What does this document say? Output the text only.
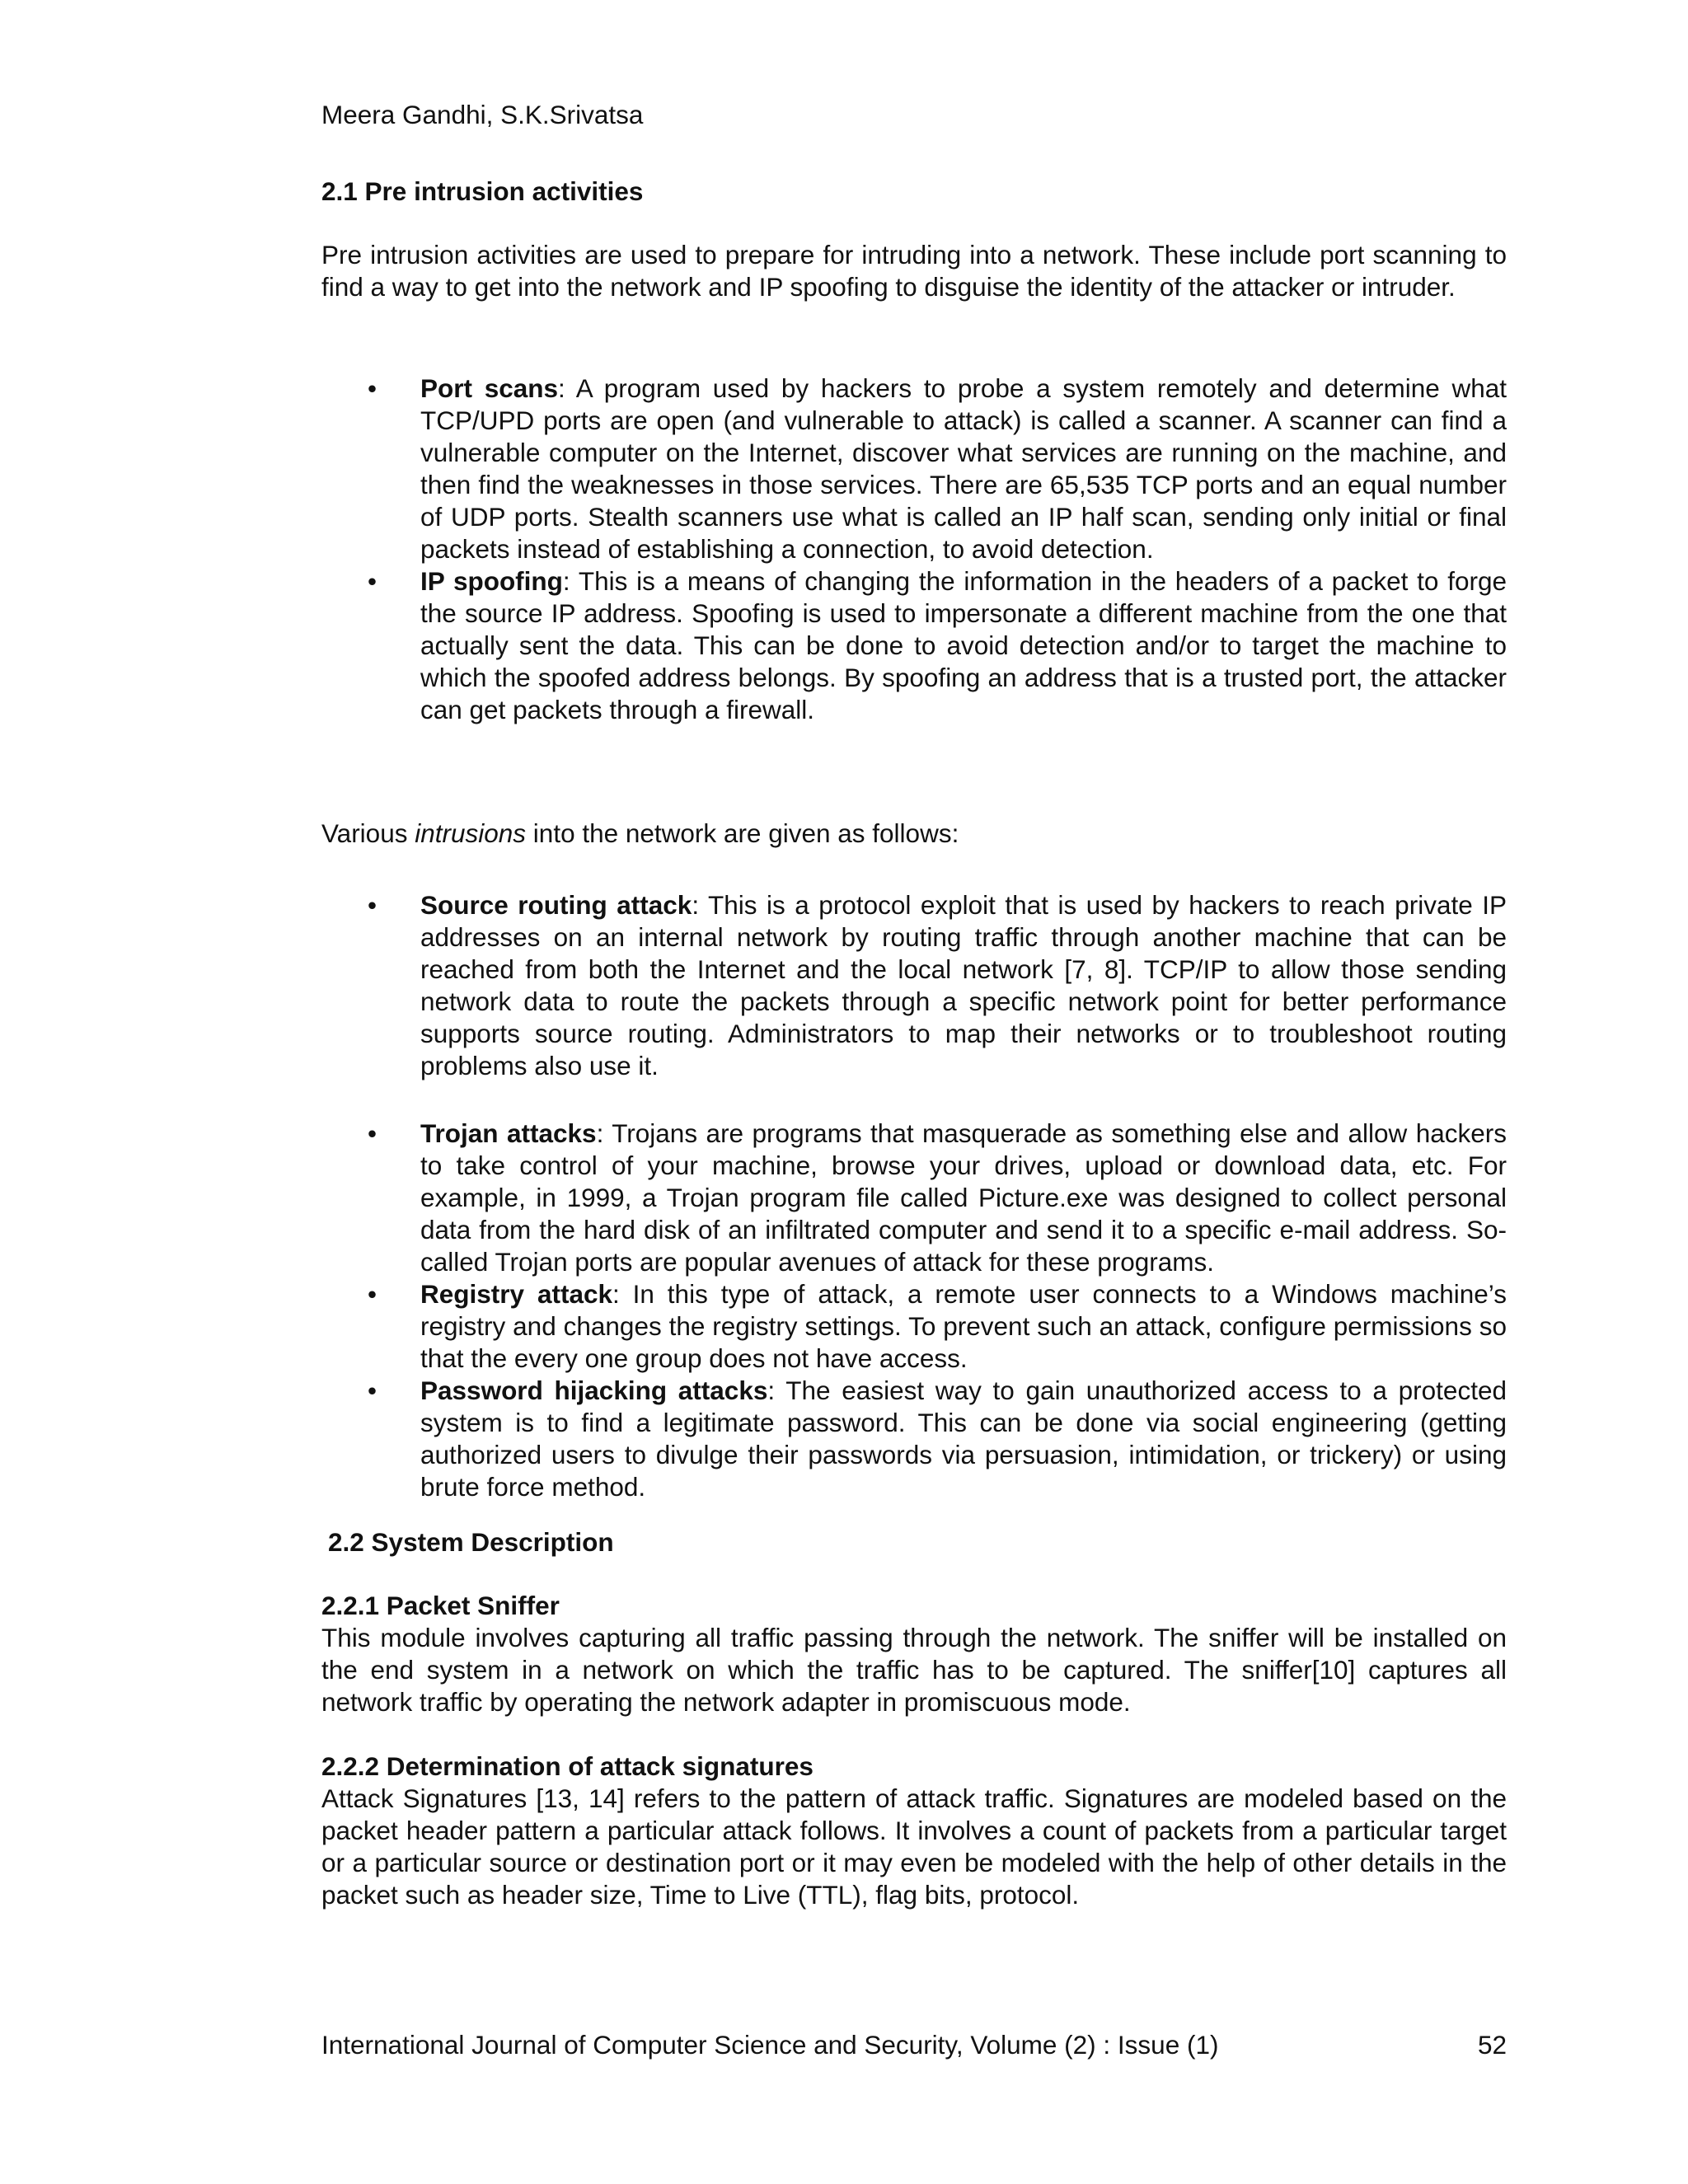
Meera Gandhi, S.K.Srivatsa

2.1 Pre intrusion activities

Pre intrusion activities are used to prepare for intruding into a network. These include port scanning to find a way to get into the network and IP spoofing to disguise the identity of the attacker or intruder.

• Port scans: A program used by hackers to probe a system remotely and determine what TCP/UPD ports are open (and vulnerable to attack) is called a scanner. A scanner can find a vulnerable computer on the Internet, discover what services are running on the machine, and then find the weaknesses in those services. There are 65,535 TCP ports and an equal number of UDP ports. Stealth scanners use what is called an IP half scan, sending only initial or final packets instead of establishing a connection, to avoid detection.
• IP spoofing: This is a means of changing the information in the headers of a packet to forge the source IP address. Spoofing is used to impersonate a different machine from the one that actually sent the data. This can be done to avoid detection and/or to target the machine to which the spoofed address belongs. By spoofing an address that is a trusted port, the attacker can get packets through a firewall.

Various intrusions into the network are given as follows:

• Source routing attack: This is a protocol exploit that is used by hackers to reach private IP addresses on an internal network by routing traffic through another machine that can be reached from both the Internet and the local network [7, 8]. TCP/IP to allow those sending network data to route the packets through a specific network point for better performance supports source routing. Administrators to map their networks or to troubleshoot routing problems also use it.
• Trojan attacks: Trojans are programs that masquerade as something else and allow hackers to take control of your machine, browse your drives, upload or download data, etc. For example, in 1999, a Trojan program file called Picture.exe was designed to collect personal data from the hard disk of an infiltrated computer and send it to a specific e-mail address. So-called Trojan ports are popular avenues of attack for these programs.
• Registry attack: In this type of attack, a remote user connects to a Windows machine’s registry and changes the registry settings. To prevent such an attack, configure permissions so that the every one group does not have access.
• Password hijacking attacks: The easiest way to gain unauthorized access to a protected system is to find a legitimate password. This can be done via social engineering (getting authorized users to divulge their passwords via persuasion, intimidation, or trickery) or using brute force method.

2.2 System Description

2.2.1 Packet Sniffer

This module involves capturing all traffic passing through the network. The sniffer will be installed on the end system in a network on which the traffic has to be captured. The sniffer[10] captures all network traffic by operating the network adapter in promiscuous mode.

2.2.2 Determination of attack signatures

Attack Signatures [13, 14] refers to the pattern of attack traffic. Signatures are modeled based on the packet header pattern a particular attack follows. It involves a count of packets from a particular target or a particular source or destination port or it may even be modeled with the help of other details in the packet such as header size, Time to Live (TTL), flag bits, protocol.

International Journal of Computer Science and Security, Volume (2) : Issue (1)	52
